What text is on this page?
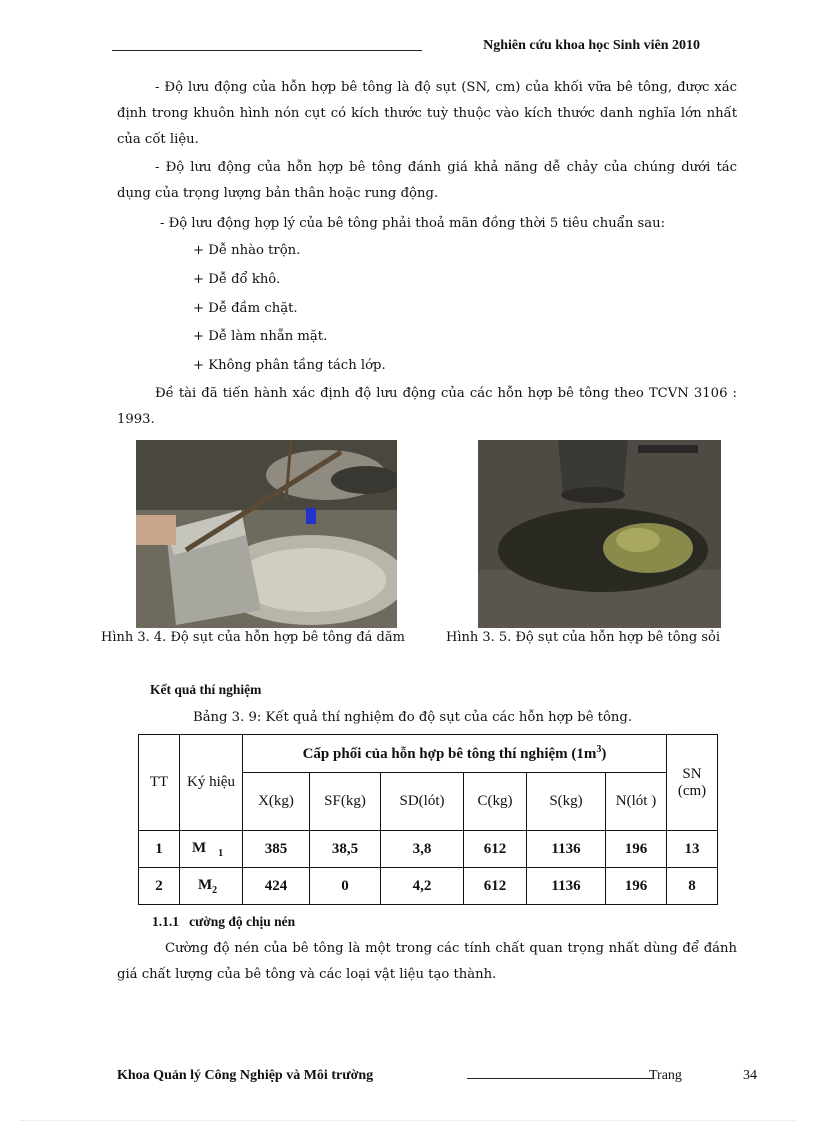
Nghiên cứu khoa học Sinh viên 2010
- Độ lưu động của hỗn hợp bê tông là độ sụt (SN, cm) của khối vữa bê tông, được xác định trong khuôn hình nón cụt có kích thước tuỳ thuộc vào kích thước danh nghĩa lớn nhất của cốt liệu.
- Độ lưu động của hỗn hợp bê tông đánh giá khả năng dễ chảy của chúng dưới tác dụng của trọng lượng bản thân hoặc rung động.
- Độ lưu động hợp lý của bê tông phải thoả mãn đồng thời 5 tiêu chuẩn sau:
+ Dễ nhào trộn.
+ Dễ đổ khô.
+ Dễ đầm chặt.
+ Dễ làm nhẵn mặt.
+ Không phân tầng tách lớp.
Đề tài đã tiến hành xác định độ lưu động của các hỗn hợp bê tông theo TCVN 3106 : 1993.
Hình 3. 4. Độ sụt của hỗn hợp bê tông đá dăm	Hình 3. 5. Độ sụt của hỗn hợp bê tông sỏi
Kết quả thí nghiệm
Bảng 3. 9: Kết quả thí nghiệm đo độ sụt của các hỗn hợp bê tông.
TT	Ký hiệu	Cấp phối của hỗn hợp bê tông thí nghiệm $(1m^3)$						SN (cm)
		X(kg)	SF(kg)	SD(lót)	C(kg)	S(kg)	N(lót )	
1	M $_1$	385	38,5	3,8	612	1136	196	13
2	$M_2$	424	0	4,2	612	1136	196	8
1.1.1 cường độ chịu nén
Cường độ nén của bê tông là một trong các tính chất quan trọng nhất dùng để đánh giá chất lượng của bê tông và các loại vật liệu tạo thành.
Khoa Quản lý Công Nghiệp và Môi trường	Trang	34
